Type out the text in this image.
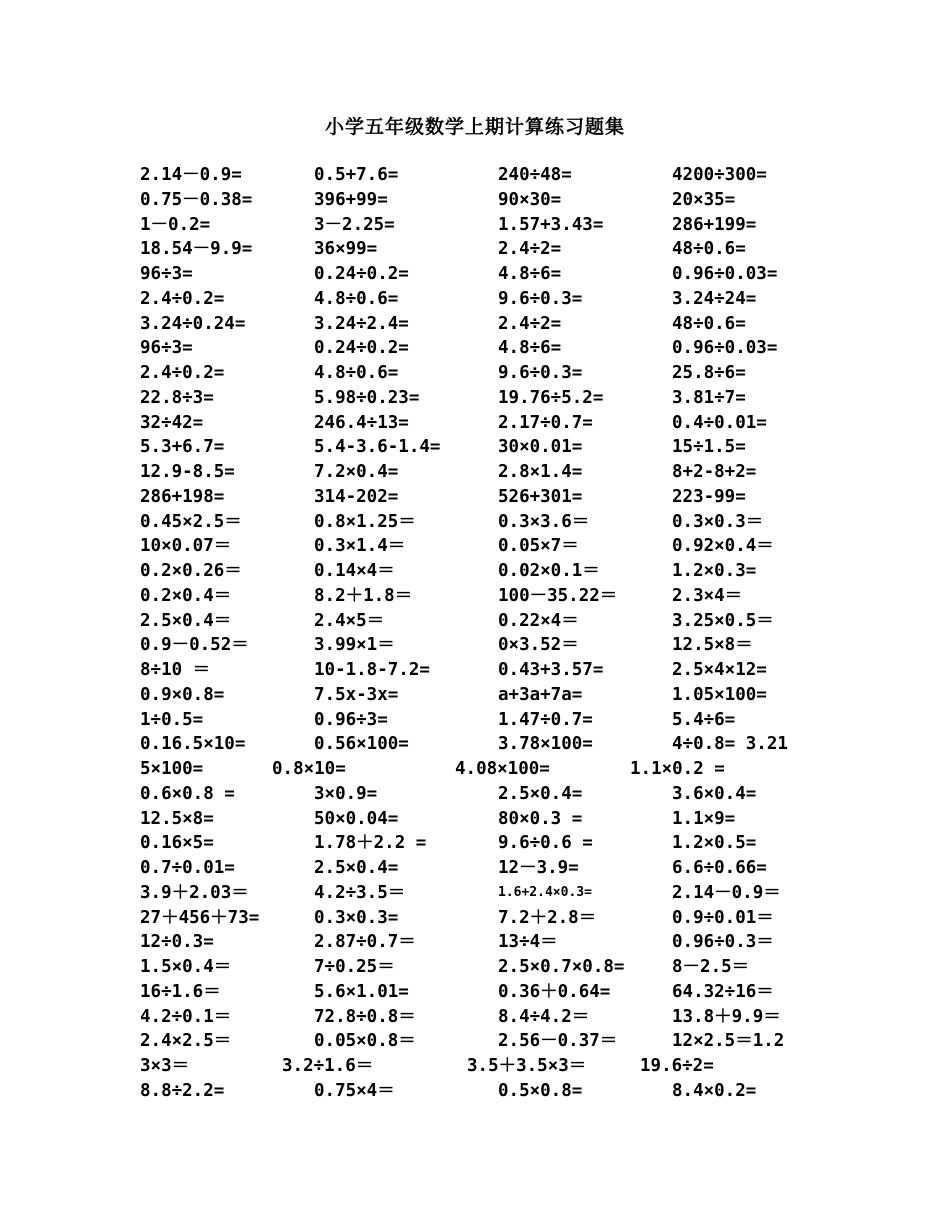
小学五年级数学上期计算练习题集
2.14－0.9=	0.5+7.6=	240÷48=	4200÷300=
0.75－0.38=	396+99=	90×30=	20×35=
1－0.2=	3－2.25=	1.57+3.43=	286+199=
18.54－9.9=	36×99=	2.4÷2=	48÷0.6=
96÷3=	0.24÷0.2=	4.8÷6=	0.96÷0.03=
2.4÷0.2=	4.8÷0.6=	9.6÷0.3=	3.24÷24=
3.24÷0.24=	3.24÷2.4=	2.4÷2=	48÷0.6=
96÷3=	0.24÷0.2=	4.8÷6=	0.96÷0.03=
2.4÷0.2=	4.8÷0.6=	9.6÷0.3=	25.8÷6=
22.8÷3=	5.98÷0.23=	19.76÷5.2=	3.81÷7=
32÷42=	246.4÷13=	2.17÷0.7=	0.4÷0.01=
5.3+6.7=	5.4-3.6-1.4=	30×0.01=	15÷1.5=
12.9-8.5=	7.2×0.4=	2.8×1.4=	8+2-8+2=
286+198=	314-202=	526+301=	223-99=
0.45×2.5＝	0.8×1.25＝	0.3×3.6＝	0.3×0.3＝
10×0.07＝	0.3×1.4＝	0.05×7＝	0.92×0.4＝
0.2×0.26＝	0.14×4＝	0.02×0.1＝	1.2×0.3=
0.2×0.4＝	8.2＋1.8＝	100－35.22＝	2.3×4＝
2.5×0.4＝	2.4×5＝	0.22×4＝	3.25×0.5＝
0.9－0.52＝	3.99×1＝	0×3.52＝	12.5×8＝
8÷10 ＝	10-1.8-7.2=	0.43+3.57=	2.5×4×12=
0.9×0.8=	7.5x-3x=	a+3a+7a=	1.05×100=
1÷0.5=	0.96÷3=	1.47÷0.7=	5.4÷6=
0.16.5×10=	0.56×100=	3.78×100=	4÷0.8= 3.21
5×100=	0.8×10=	4.08×100=	1.1×0.2 =
0.6×0.8 =	3×0.9=	2.5×0.4=	3.6×0.4=
12.5×8=	50×0.04=	80×0.3 =	1.1×9=
0.16×5=	1.78＋2.2 =	9.6÷0.6 =	1.2×0.5=
0.7÷0.01=	2.5×0.4=	12－3.9=	6.6÷0.66=
3.9＋2.03＝	4.2÷3.5＝	1.6+2.4×0.3=	2.14－0.9＝
27＋456＋73=	0.3×0.3=	7.2＋2.8＝	0.9÷0.01＝
12÷0.3=	2.87÷0.7＝	13÷4＝	0.96÷0.3＝
1.5×0.4＝	7÷0.25＝	2.5×0.7×0.8=	8－2.5＝
16÷1.6＝	5.6×1.01=	0.36＋0.64=	64.32÷16＝
4.2÷0.1＝	72.8÷0.8＝	8.4÷4.2＝	13.8＋9.9＝
2.4×2.5＝	0.05×0.8＝	2.56－0.37＝	12×2.5＝1.2
3×3＝	3.2÷1.6＝	3.5＋3.5×3＝	19.6÷2=
8.8÷2.2=	0.75×4＝	0.5×0.8=	8.4×0.2=
